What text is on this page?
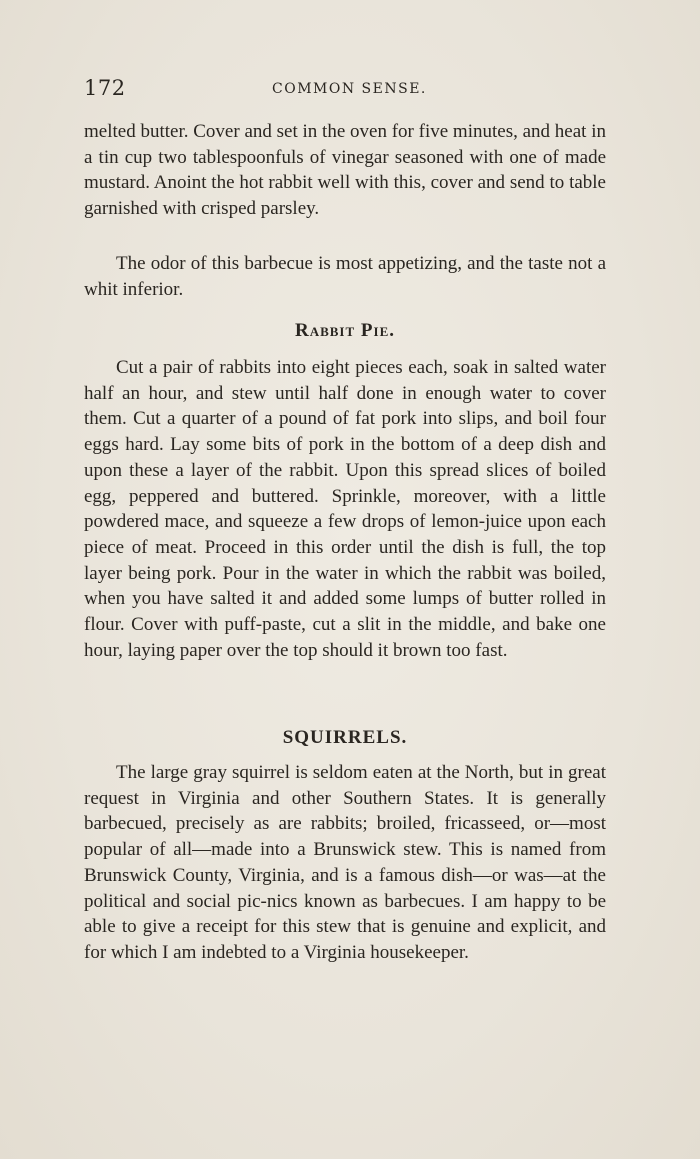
172	COMMON SENSE.

melted butter. Cover and set in the oven for five minutes, and heat in a tin cup two tablespoonfuls of vinegar seasoned with one of made mustard. Anoint the hot rabbit well with this, cover and send to table garnished with crisped parsley.

The odor of this barbecue is most appetizing, and the taste not a whit inferior.

Rabbit Pie.

Cut a pair of rabbits into eight pieces each, soak in salted water half an hour, and stew until half done in enough water to cover them. Cut a quarter of a pound of fat pork into slips, and boil four eggs hard. Lay some bits of pork in the bottom of a deep dish and upon these a layer of the rabbit. Upon this spread slices of boiled egg, peppered and buttered. Sprinkle, moreover, with a little powdered mace, and squeeze a few drops of lemon-juice upon each piece of meat. Proceed in this order until the dish is full, the top layer being pork. Pour in the water in which the rabbit was boiled, when you have salted it and added some lumps of butter rolled in flour. Cover with puff-paste, cut a slit in the middle, and bake one hour, laying paper over the top should it brown too fast.

SQUIRRELS.

The large gray squirrel is seldom eaten at the North, but in great request in Virginia and other Southern States. It is generally barbecued, precisely as are rabbits; broiled, fricasseed, or—most popular of all—made into a Brunswick stew. This is named from Brunswick County, Virginia, and is a famous dish—or was—at the political and social pic-nics known as barbecues. I am happy to be able to give a receipt for this stew that is genuine and explicit, and for which I am indebted to a Virginia housekeeper.
